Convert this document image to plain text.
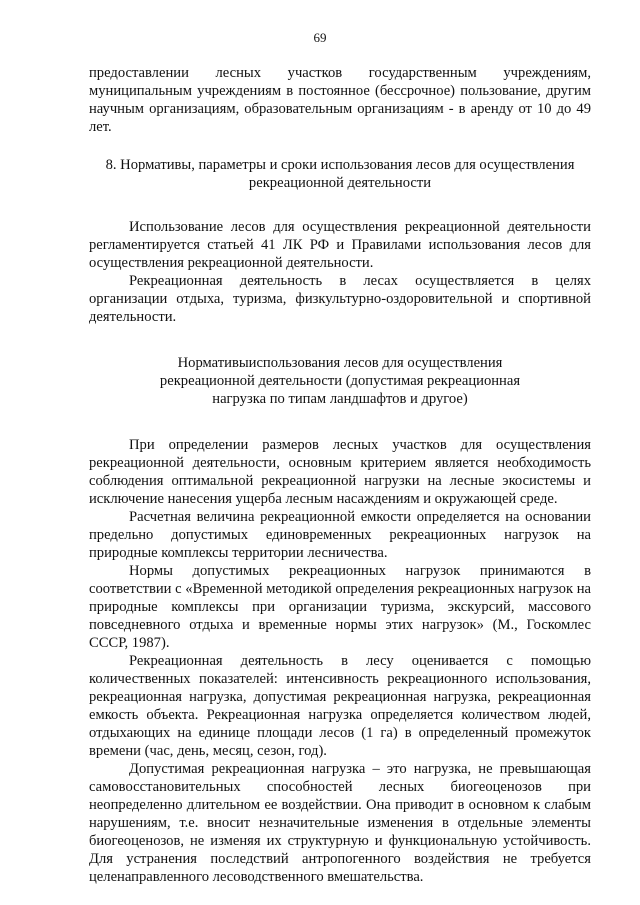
69

предоставлении лесных участков государственным учреждениям, муниципальным учреждениям в постоянное (бессрочное) пользование, другим научным организациям, образовательным организациям - в аренду от 10 до 49 лет.

8. Нормативы, параметры и сроки использования лесов для осуществления
рекреационной деятельности

Использование лесов для осуществления рекреационной деятельности регламентируется статьей 41 ЛК РФ и Правилами использования лесов для осуществления рекреационной деятельности.

Рекреационная деятельность в лесах осуществляется в целях организации отдыха, туризма, физкультурно-оздоровительной и спортивной деятельности.

Нормативыиспользования лесов для осуществления
рекреационной деятельности (допустимая рекреационная
нагрузка по типам ландшафтов и другое)

При определении размеров лесных участков для осуществления рекреационной деятельности, основным критерием является необходимость соблюдения оптимальной рекреационной нагрузки на лесные экосистемы и исключение нанесения ущерба лесным насаждениям и окружающей среде.

Расчетная величина рекреационной емкости определяется на основании предельно допустимых единовременных рекреационных нагрузок на природные комплексы территории лесничества.

Нормы допустимых рекреационных нагрузок принимаются в соответствии с «Временной методикой определения рекреационных нагрузок на природные комплексы при организации туризма, экскурсий, массового повседневного отдыха и временные нормы этих нагрузок» (М., Госкомлес СССР, 1987).

Рекреационная деятельность в лесу оценивается с помощью количественных показателей: интенсивность рекреационного использования, рекреационная нагрузка, допустимая рекреационная нагрузка, рекреационная емкость объекта. Рекреационная нагрузка определяется количеством людей, отдыхающих на единице площади лесов (1 га) в определенный промежуток времени (час, день, месяц, сезон, год).

Допустимая рекреационная нагрузка – это нагрузка, не превышающая самовосстановительных способностей лесных биогеоценозов при неопределенно длительном ее воздействии. Она приводит в основном к слабым нарушениям, т.е. вносит незначительные изменения в отдельные элементы биогеоценозов, не изменяя их структурную и функциональную устойчивость. Для устранения последствий антропогенного воздействия не требуется целенаправленного лесоводственного вмешательства.
